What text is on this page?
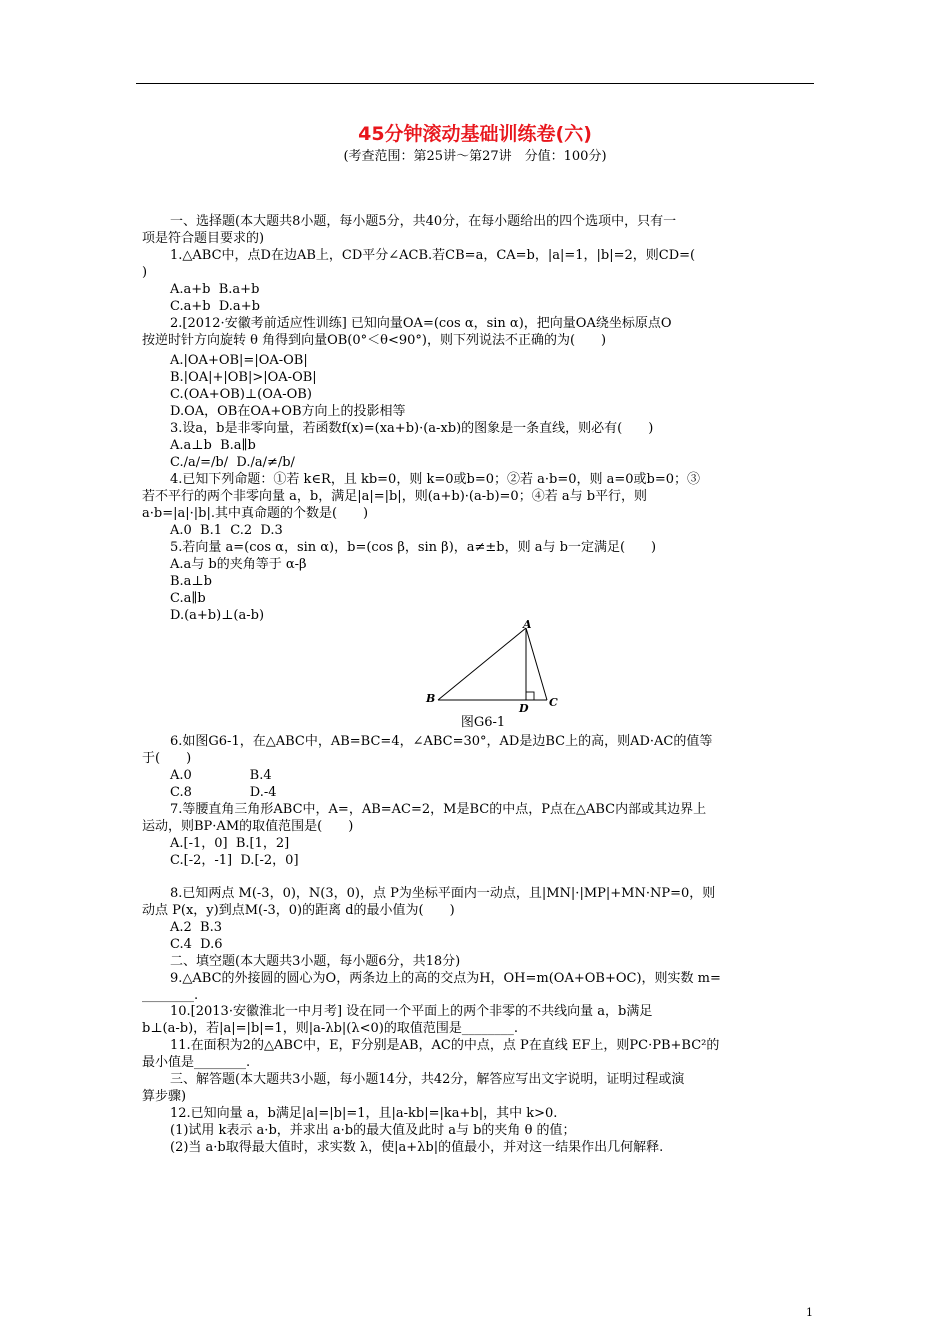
45分钟滚动基础训练卷(六)
(考查范围：第25讲～第27讲　分值：100分)
一、选择题(本大题共8小题，每小题5分，共40分，在每小题给出的四个选项中，只有一
项是符合题目要求的)
1.△ABC中，点D在边AB上，CD平分∠ACB.若CB=a，CA=b，|a|=1，|b|=2，则CD=(
)
A.a+b  B.a+b
C.a+b  D.a+b
2.[2012·安徽考前适应性训练] 已知向量OA=(cos α，sin α)，把向量OA绕坐标原点O
按逆时针方向旋转 θ 角得到向量OB(0°＜θ<90°)，则下列说法不正确的为(　　)
A.|OA+OB|=|OA-OB|
B.|OA|+|OB|>|OA-OB|
C.(OA+OB)⊥(OA-OB)
D.OA，OB在OA+OB方向上的投影相等
3.设a，b是非零向量，若函数f(x)=(xa+b)·(a-xb)的图象是一条直线，则必有(　　)
A.a⊥b  B.a∥b
C./a/=/b/  D./a/≠/b/
4.已知下列命题：①若 k∈R，且 kb=0，则 k=0或b=0；②若 a·b=0，则 a=0或b=0；③
若不平行的两个非零向量 a，b，满足|a|=|b|，则(a+b)·(a-b)=0；④若 a与 b平行，则
a·b=|a|·|b|.其中真命题的个数是(　　)
A.0  B.1  C.2  D.3
5.若向量 a=(cos α，sin α)，b=(cos β，sin β)，a≠±b，则 a与 b一定满足(　　)
A.a与 b的夹角等于 α-β
B.a⊥b
C.a∥b
D.(a+b)⊥(a-b)
6.如图G6-1，在△ABC中，AB=BC=4，∠ABC=30°，AD是边BC上的高，则AD·AC的值等
于(　　)
A.0              B.4
C.8              D.-4
7.等腰直角三角形ABC中，A=，AB=AC=2，M是BC的中点，P点在△ABC内部或其边界上
运动，则BP·AM的取值范围是(　　)
A.[-1，0]  B.[1，2]
C.[-2，-1]  D.[-2，0]
8.已知两点 M(-3，0)，N(3，0)，点 P为坐标平面内一动点，且|MN|·|MP|+MN·NP=0，则
动点 P(x，y)到点M(-3，0)的距离 d的最小值为(　　)
A.2  B.3
C.4  D.6
二、填空题(本大题共3小题，每小题6分，共18分)
9.△ABC的外接圆的圆心为O，两条边上的高的交点为H，OH=m(OA+OB+OC)，则实数 m=
________.
10.[2013·安徽淮北一中月考] 设在同一个平面上的两个非零的不共线向量 a，b满足
b⊥(a-b)，若|a|=|b|=1，则|a-λb|(λ<0)的取值范围是________.
11.在面积为2的△ABC中，E，F分别是AB，AC的中点，点 P在直线 EF上，则PC·PB+BC²的
最小值是________.
三、解答题(本大题共3小题，每小题14分，共42分，解答应写出文字说明，证明过程或演
算步骤)
12.已知向量 a，b满足|a|=|b|=1，且|a-kb|=|ka+b|，其中 k>0.
(1)试用 k表示 a·b，并求出 a·b的最大值及此时 a与 b的夹角 θ 的值；
(2)当 a·b取得最大值时，求实数 λ，使|a+λb|的值最小，并对这一结果作出几何解释.
A
B	C
D
图G6-1
1
